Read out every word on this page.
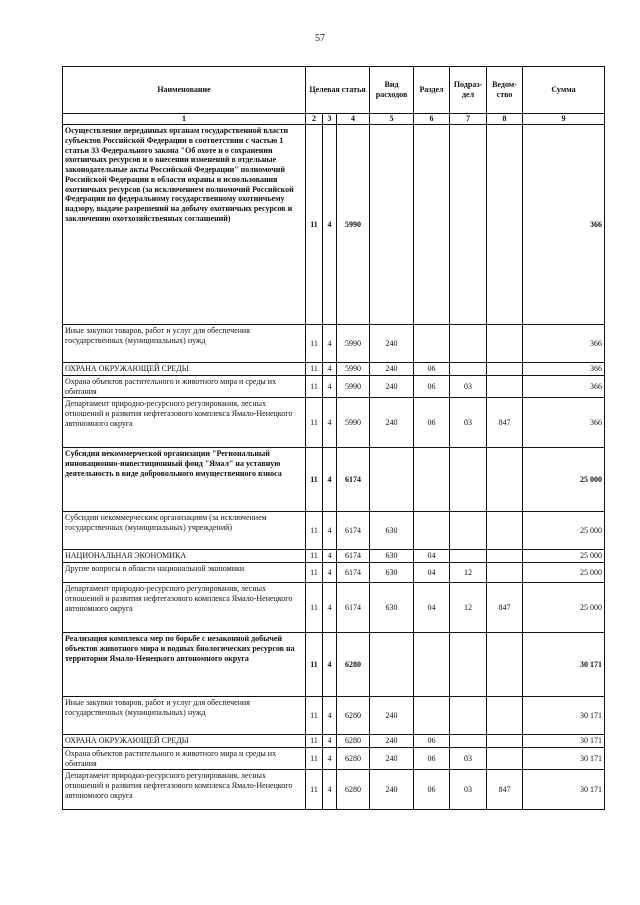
57
Наименование	Целевая статья			Вид расходов	Раздел	Подраз- дел	Ведом- ство	Сумма
1	2	3	4	5	6	7	8	9
Осуществление переданных органам государственной власти субъектов Российской Федерации в соответствии с частью 1 статьи 33 Федерального закона "Об охоте и о сохранении охотничьих ресурсов и о внесении изменений в отдельные законодательные акты Российской Федерации" полномочий Российской Федерации в области охраны и использования охотничьих ресурсов (за исключением полномочий Российской Федерации по федеральному государственному охотничьему надзору, выдаче разрешений на добычу охотничьих ресурсов и заключению охотхозяйственных соглашений)	11	4	5990					366
Иные закупки товаров, работ и услуг для обеспечения государственных (муниципальных) нужд	11	4	5990	240				366
ОХРАНА ОКРУЖАЮЩЕЙ СРЕДЫ	11	4	5990	240	06			366
Охрана объектов растительного и животного мира и среды их обитания	11	4	5990	240	06	03		366
Департамент природно-ресурсного регулирования, лесных отношений и развития нефтегазового комплекса Ямало-Ненецкого автономного округа	11	4	5990	240	06	03	847	366
Субсидия некоммерческой организации "Региональный инновационно-инвестиционный фонд "Ямал" на уставную деятельность в виде добровольного имущественного взноса	11	4	6174					25 000
Субсидии некоммерческим организациям (за исключением государственных (муниципальных) учреждений)	11	4	6174	630				25 000
НАЦИОНАЛЬНАЯ ЭКОНОМИКА	11	4	6174	630	04			25 000
Другие вопросы в области национальной экономики	11	4	6174	630	04	12		25 000
Департамент природно-ресурсного регулирования, лесных отношений и развития нефтегазового комплекса Ямало-Ненецкого автономного округа	11	4	6174	630	04	12	847	25 000
Реализация комплекса мер по борьбе с незаконной добычей объектов животного мира и водных биологических ресурсов на территории Ямало-Ненецкого автономного округа	11	4	6280					30 171
Иные закупки товаров, работ и услуг для обеспечения государственных (муниципальных) нужд	11	4	6280	240				30 171
ОХРАНА ОКРУЖАЮЩЕЙ СРЕДЫ	11	4	6280	240	06			30 171
Охрана объектов растительного и животного мира и среды их обитания	11	4	6280	240	06	03		30 171
Департамент природно-ресурсного регулирования, лесных отношений и развития нефтегазового комплекса Ямало-Ненецкого автономного округа	11	4	6280	240	06	03	847	30 171
